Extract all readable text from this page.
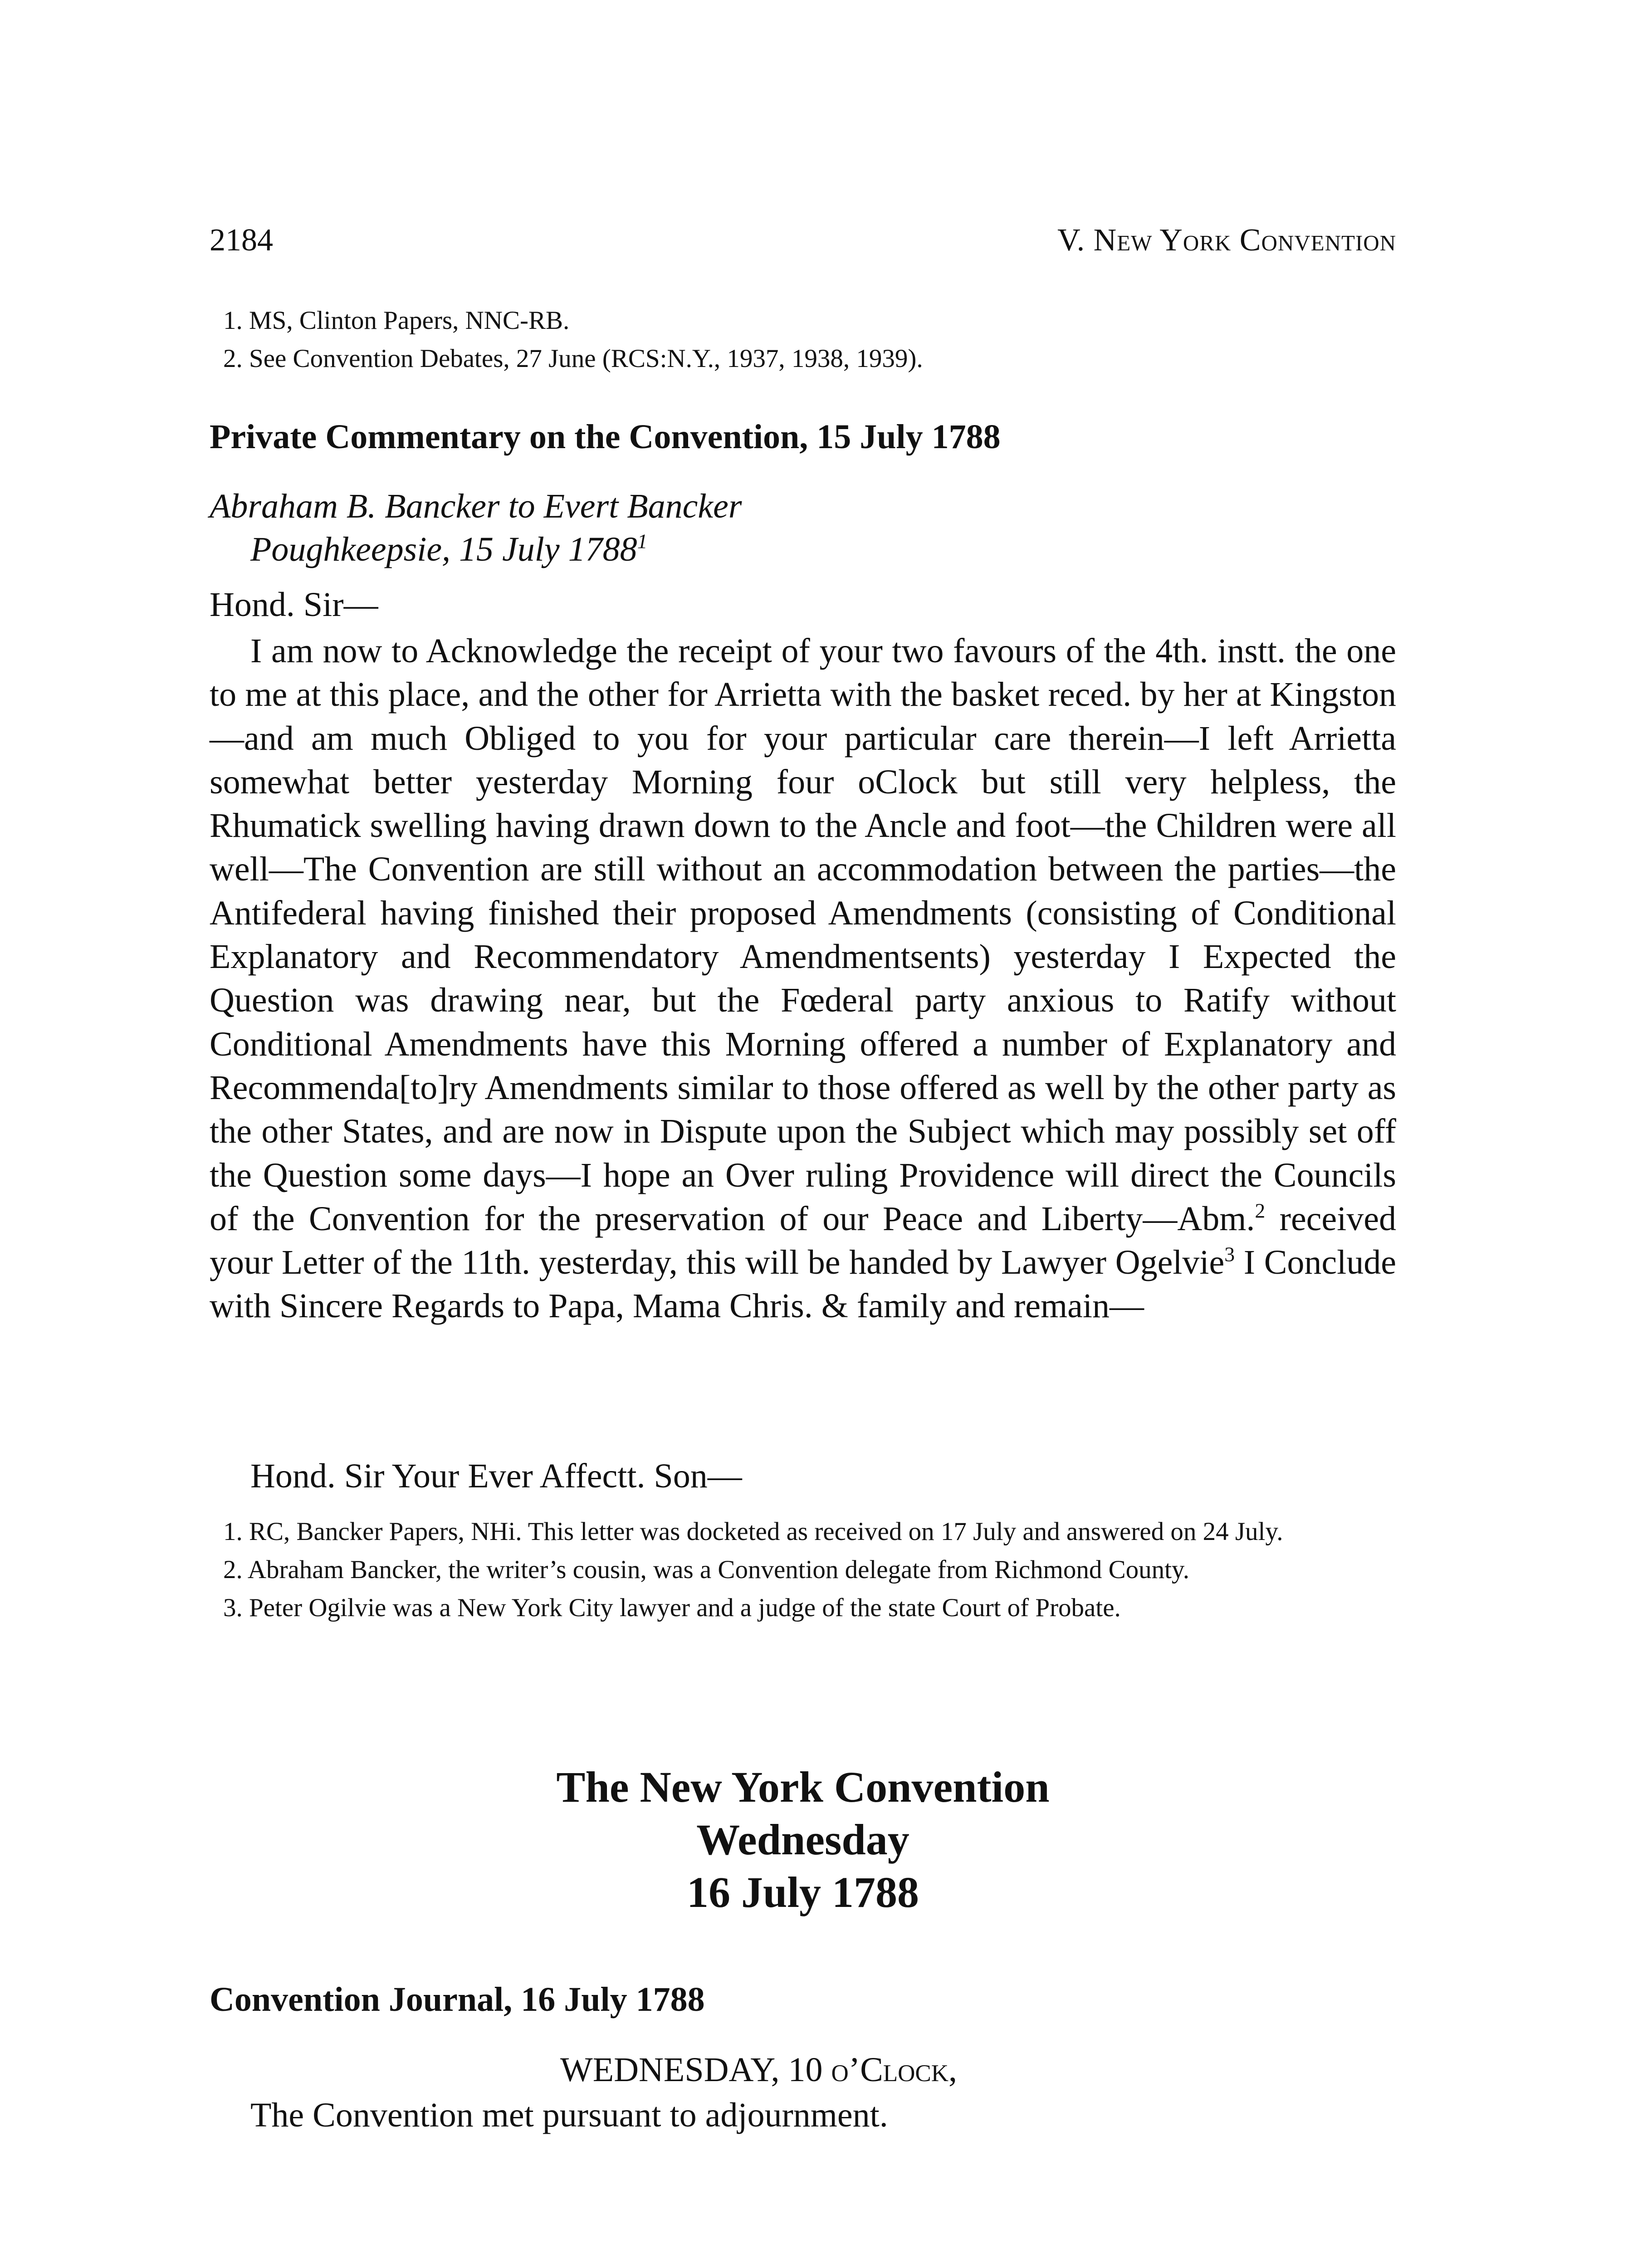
2184	V. New York Convention

1. MS, Clinton Papers, NNC-RB.

2. See Convention Debates, 27 June (RCS:N.Y., 1937, 1938, 1939).

Private Commentary on the Convention, 15 July 1788

Abraham B. Bancker to Evert Bancker

Poughkeepsie, 15 July 1788$^1$

Hond. Sir—

I am now to Acknowledge the receipt of your two favours of the 4th. instt. the one to me at this place, and the other for Arrietta with the basket reced. by her at Kingston—and am much Obliged to you for your particular care therein—I left Arrietta somewhat better yesterday Morning four oClock but still very helpless, the Rhumatick swelling having drawn down to the Ancle and foot—the Children were all well—The Convention are still without an accommodation between the parties—the Antifederal having finished their proposed Amendments (consisting of Conditional Explanatory and Recommendatory Amendmentsents) yesterday I Expected the Question was drawing near, but the Fœderal party anxious to Ratify without Conditional Amendments have this Morning offered a number of Explanatory and Recommenda[to]ry Amendments similar to those offered as well by the other party as the other States, and are now in Dispute upon the Subject which may possibly set off the Question some days—I hope an Over ruling Providence will direct the Councils of the Convention for the preservation of our Peace and Liberty—Abm.$^2$ received your Letter of the 11th. yesterday, this will be handed by Lawyer Ogelvie$^3$ I Conclude with Sincere Regards to Papa, Mama Chris. & family and remain—

Hond. Sir Your Ever Affectt. Son—

1. RC, Bancker Papers, NHi. This letter was docketed as received on 17 July and answered on 24 July.

2. Abraham Bancker, the writer’s cousin, was a Convention delegate from Richmond County.

3. Peter Ogilvie was a New York City lawyer and a judge of the state Court of Probate.

The New York Convention
Wednesday
16 July 1788
Convention Journal, 16 July 1788

WEDNESDAY, 10 o’Clock,

The Convention met pursuant to adjournment.
